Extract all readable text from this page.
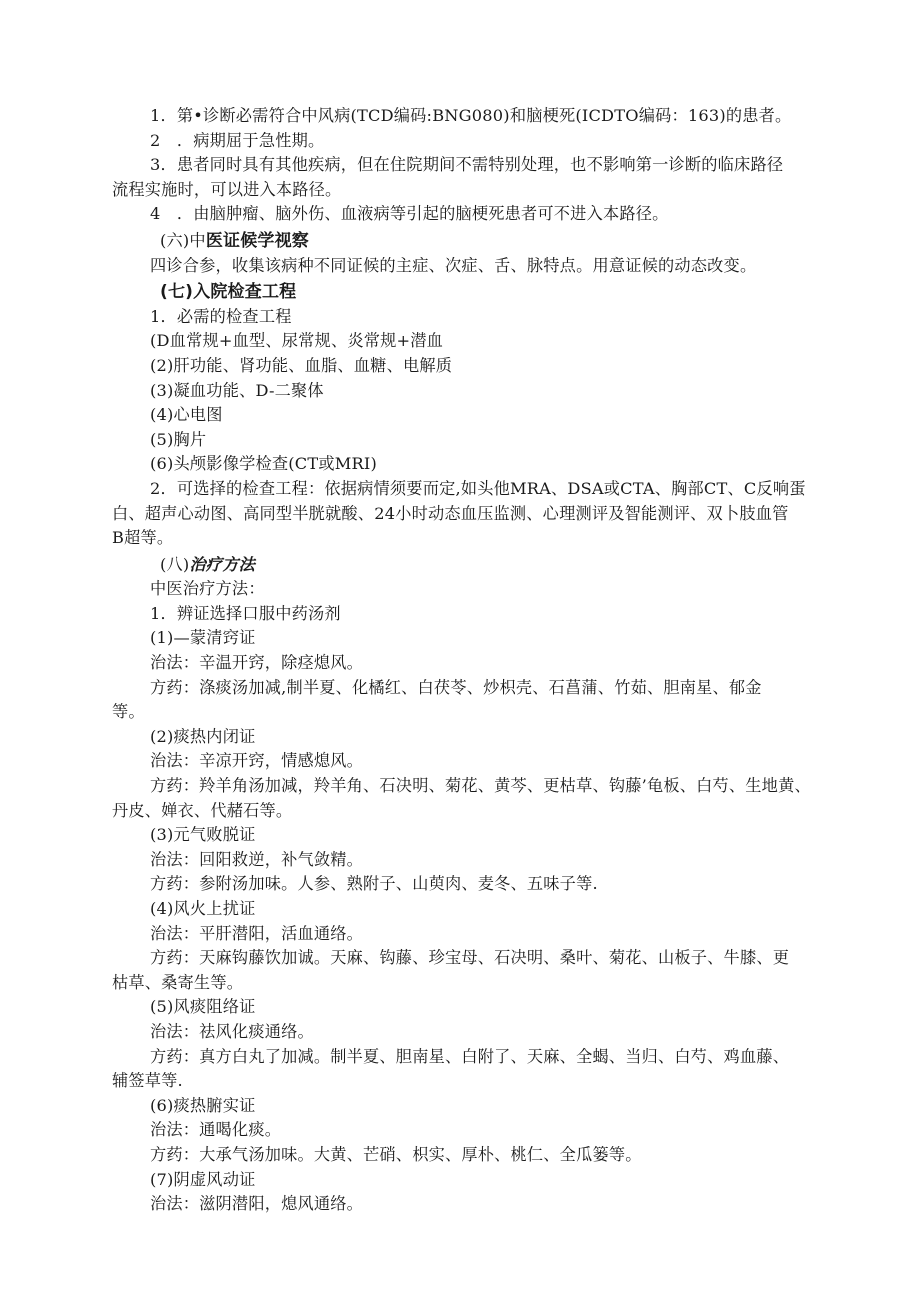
1．第•诊断必需符合中风病(TCD编码:BNG080)和脑梗死(ICDTO编码：163)的患者。
2　．病期屈于急性期。
3．患者同时具有其他疾病，但在住院期间不需特别处理，也不影响第一诊断的临床路径
流程实施时，可以进入本路径。
4　．由脑肿瘤、脑外伤、血液病等引起的脑梗死患者可不进入本路径。
(六)中医证候学视察
四诊合参，收集该病种不同证候的主症、次症、舌、脉特点。用意证候的动态改变。
(七)入院检查工程
1．必需的检查工程
(D血常规+血型、尿常规、炎常规+潜血
(2)肝功能、肾功能、血脂、血糖、电解质
(3)凝血功能、D-二聚体
(4)心电图
(5)胸片
(6)头颅影像学检查(CT或MRI)
2．可选择的检查工程：依据病情须要而定,如头他MRA、DSA或CTA、胸部CT、C反响蛋
白、超声心动图、高同型半胱就酸、24小时动态血压监测、心理测评及智能测评、双卜肢血管
B超等。
(八)治疗方法
中医治疗方法：
1．辨证选择口服中药汤剂
(1)—蒙清窍证
治法：辛温开窍，除痉熄风。
方药：涤痰汤加减,制半夏、化橘红、白茯苓、炒枳壳、石菖蒲、竹茹、胆南星、郁金
等。
(2)痰热内闭证
治法：辛凉开窍，情感熄风。
方药：羚羊角汤加减，羚羊角、石决明、菊花、黄芩、更枯草、钩藤’龟板、白芍、生地黄、
丹皮、婵衣、代赭石等。
(3)元气败脱证
治法：回阳救逆，补气敛精。
方药：参附汤加味。人参、熟附子、山萸肉、麦冬、五味子等.
(4)风火上扰证
治法：平肝潜阳，活血通络。
方药：天麻钩藤饮加诚。天麻、钩藤、珍宝母、石决明、桑叶、菊花、山板子、牛膝、更
枯草、桑寄生等。
(5)风痰阻络证
治法：祛风化痰通络。
方药：真方白丸了加减。制半夏、胆南星、白附了、天麻、全蝎、当归、白芍、鸡血藤、
辅签草等.
(6)痰热腑实证
治法：通喝化痰。
方药：大承气汤加味。大黄、芒硝、枳实、厚朴、桃仁、全瓜篓等。
(7)阴虚风动证
治法：滋阴潜阳，熄风通络。
